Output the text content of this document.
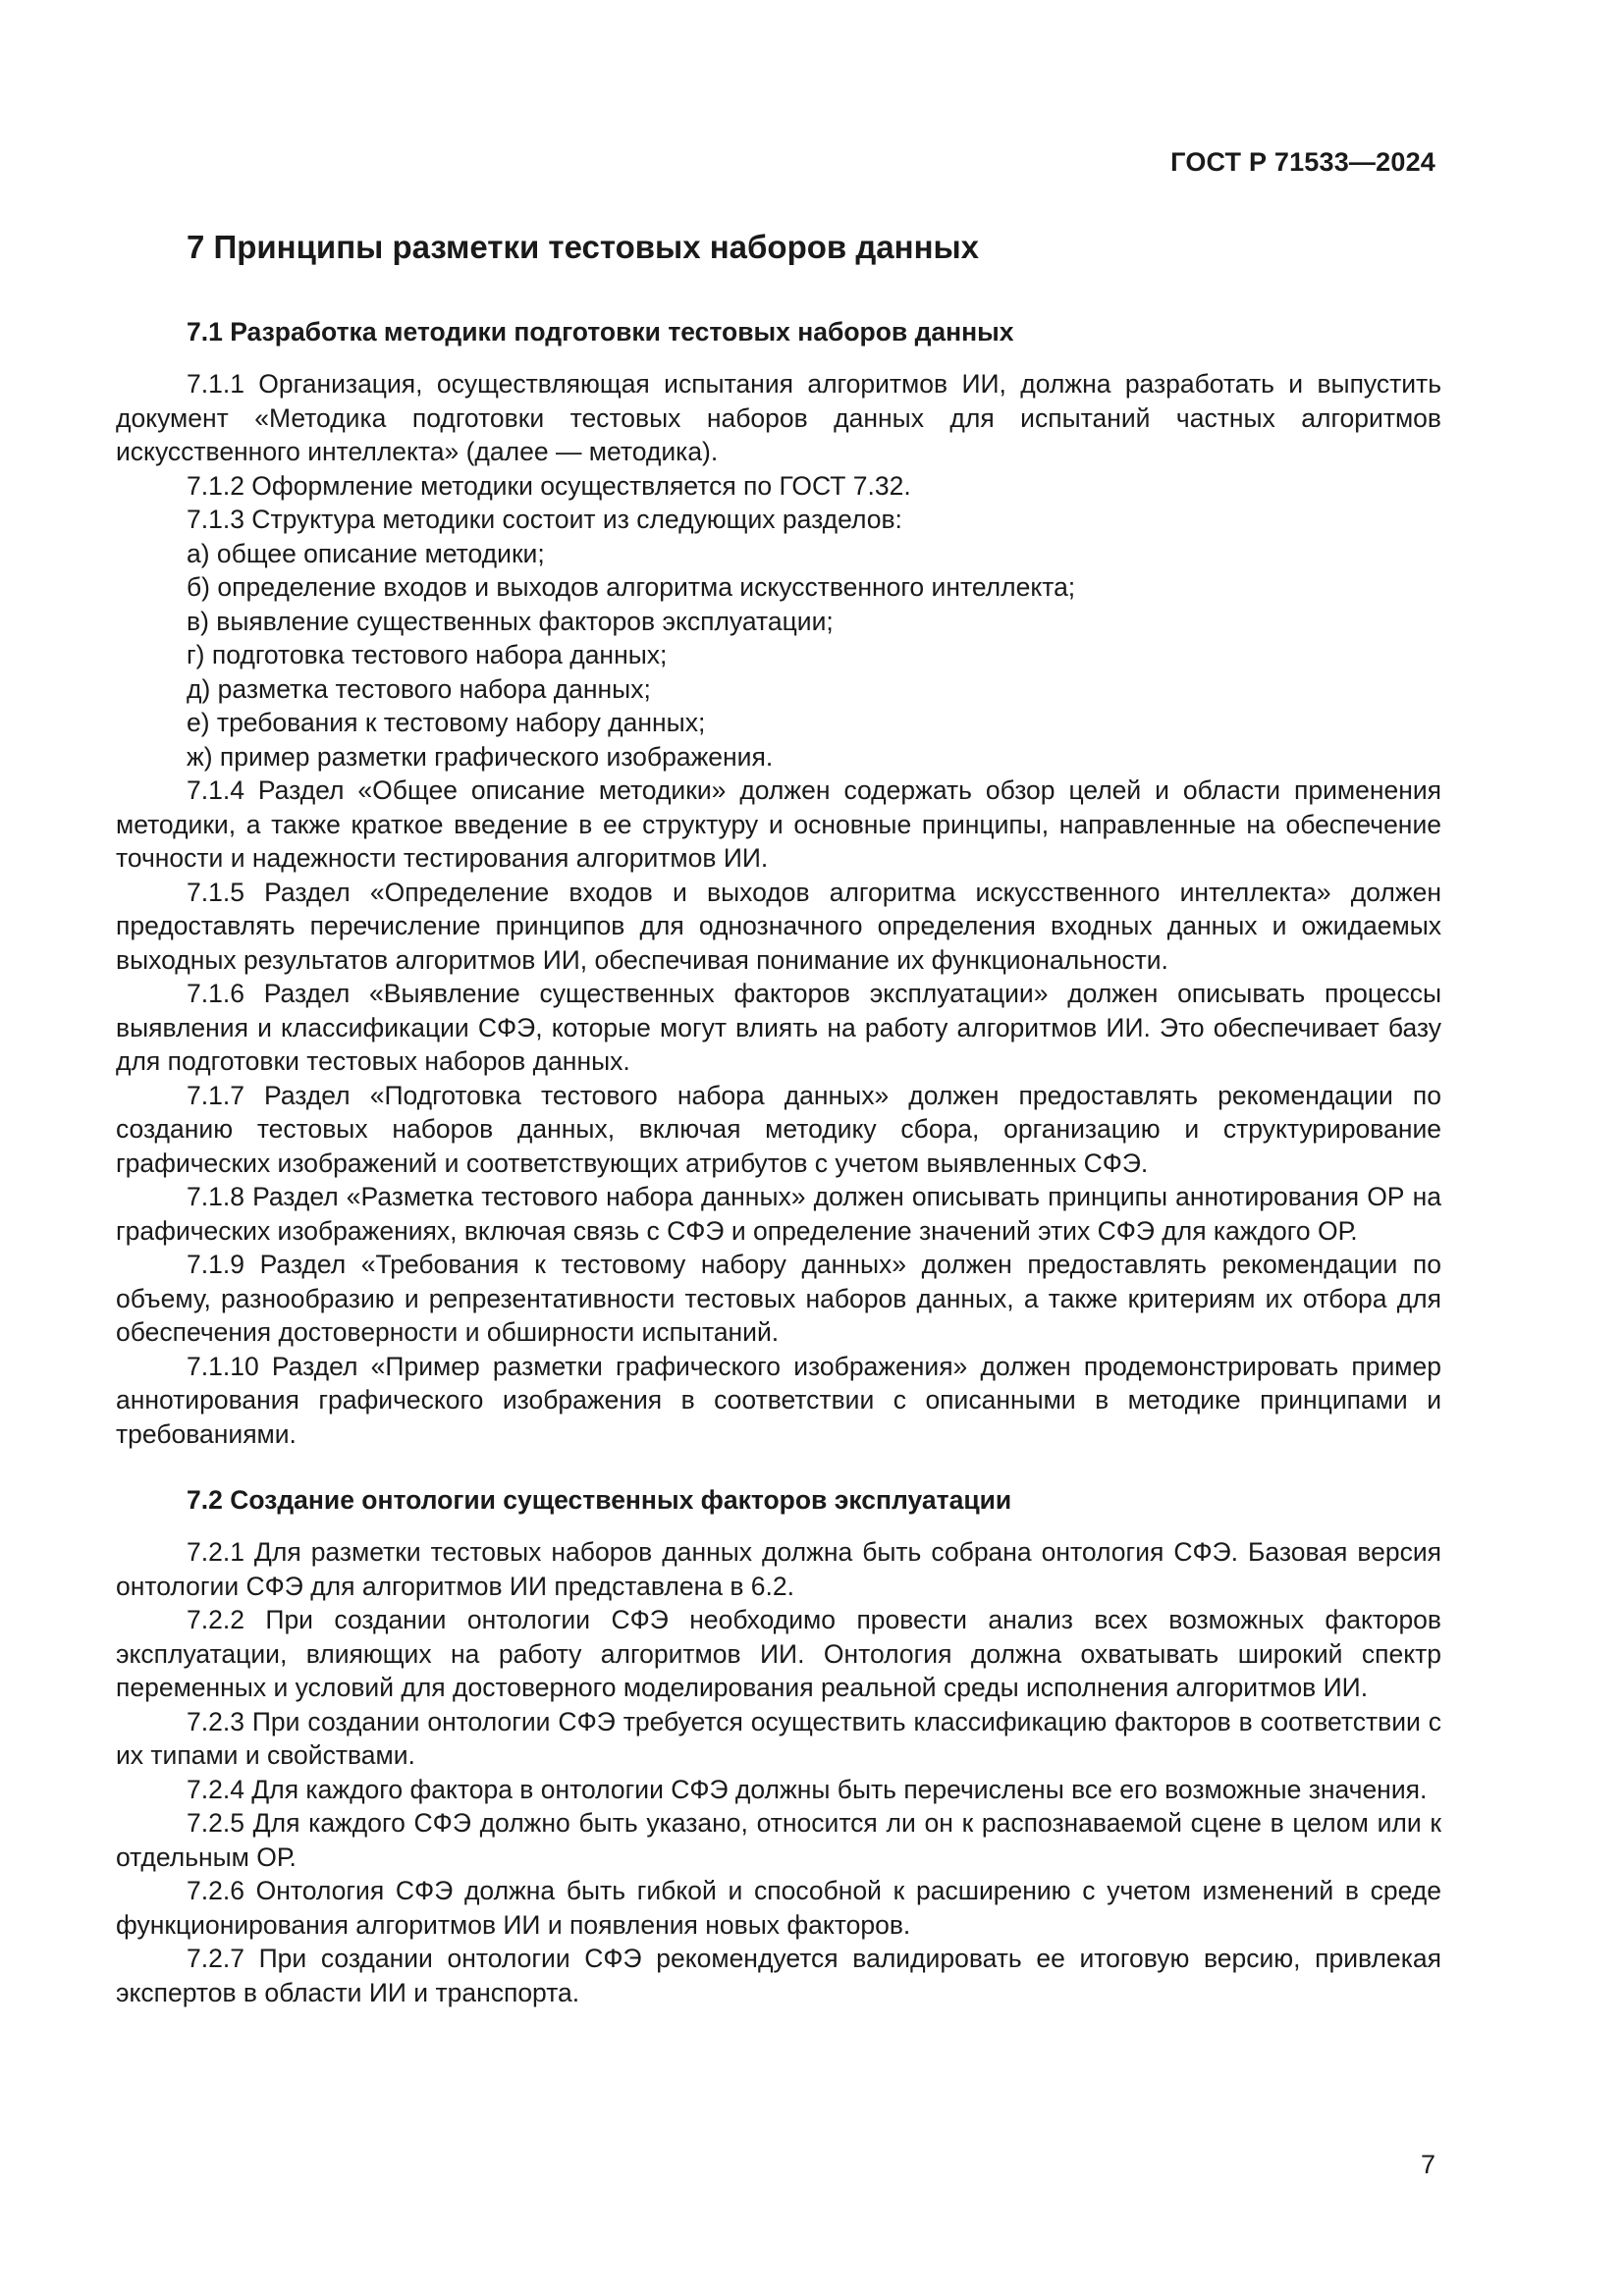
ГОСТ Р 71533—2024
7 Принципы разметки тестовых наборов данных
7.1 Разработка методики подготовки тестовых наборов данных

7.1.1 Организация, осуществляющая испытания алгоритмов ИИ, должна разработать и выпустить документ «Методика подготовки тестовых наборов данных для испытаний частных алгоритмов искусственного интеллекта» (далее — методика).

7.1.2 Оформление методики осуществляется по ГОСТ 7.32.

7.1.3 Структура методики состоит из следующих разделов:

а) общее описание методики;

б) определение входов и выходов алгоритма искусственного интеллекта;

в) выявление существенных факторов эксплуатации;

г) подготовка тестового набора данных;

д) разметка тестового набора данных;

е) требования к тестовому набору данных;

ж) пример разметки графического изображения.

7.1.4 Раздел «Общее описание методики» должен содержать обзор целей и области применения методики, а также краткое введение в ее структуру и основные принципы, направленные на обеспечение точности и надежности тестирования алгоритмов ИИ.

7.1.5 Раздел «Определение входов и выходов алгоритма искусственного интеллекта» должен предоставлять перечисление принципов для однозначного определения входных данных и ожидаемых выходных результатов алгоритмов ИИ, обеспечивая понимание их функциональности.

7.1.6 Раздел «Выявление существенных факторов эксплуатации» должен описывать процессы выявления и классификации СФЭ, которые могут влиять на работу алгоритмов ИИ. Это обеспечивает базу для подготовки тестовых наборов данных.

7.1.7 Раздел «Подготовка тестового набора данных» должен предоставлять рекомендации по созданию тестовых наборов данных, включая методику сбора, организацию и структурирование графических изображений и соответствующих атрибутов с учетом выявленных СФЭ.

7.1.8 Раздел «Разметка тестового набора данных» должен описывать принципы аннотирования ОР на графических изображениях, включая связь с СФЭ и определение значений этих СФЭ для каждого ОР.

7.1.9 Раздел «Требования к тестовому набору данных» должен предоставлять рекомендации по объему, разнообразию и репрезентативности тестовых наборов данных, а также критериям их отбора для обеспечения достоверности и обширности испытаний.

7.1.10 Раздел «Пример разметки графического изображения» должен продемонстрировать пример аннотирования графического изображения в соответствии с описанными в методике принципами и требованиями.

7.2 Создание онтологии существенных факторов эксплуатации

7.2.1 Для разметки тестовых наборов данных должна быть собрана онтология СФЭ. Базовая версия онтологии СФЭ для алгоритмов ИИ представлена в 6.2.

7.2.2 При создании онтологии СФЭ необходимо провести анализ всех возможных факторов эксплуатации, влияющих на работу алгоритмов ИИ. Онтология должна охватывать широкий спектр переменных и условий для достоверного моделирования реальной среды исполнения алгоритмов ИИ.

7.2.3 При создании онтологии СФЭ требуется осуществить классификацию факторов в соответствии с их типами и свойствами.

7.2.4 Для каждого фактора в онтологии СФЭ должны быть перечислены все его возможные значения.

7.2.5 Для каждого СФЭ должно быть указано, относится ли он к распознаваемой сцене в целом или к отдельным ОР.

7.2.6 Онтология СФЭ должна быть гибкой и способной к расширению с учетом изменений в среде функционирования алгоритмов ИИ и появления новых факторов.

7.2.7 При создании онтологии СФЭ рекомендуется валидировать ее итоговую версию, привлекая экспертов в области ИИ и транспорта.

7
